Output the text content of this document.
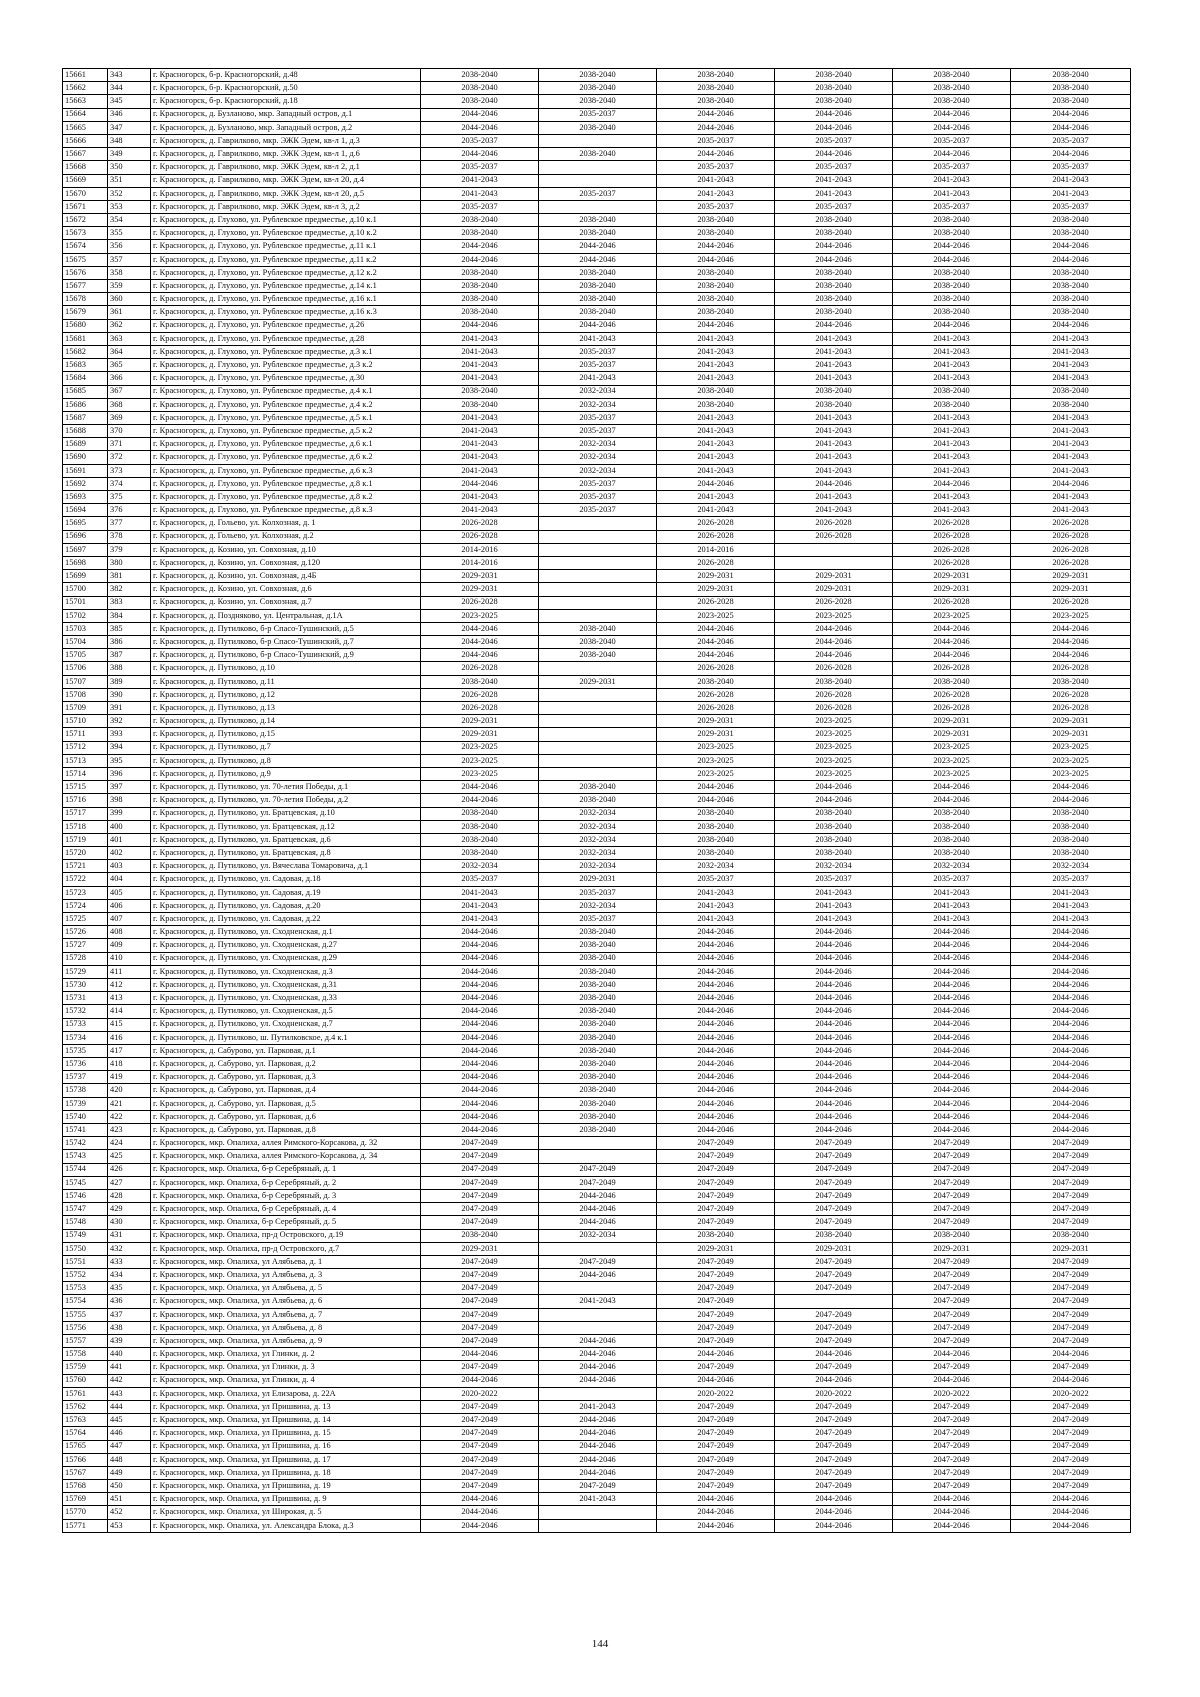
15661	343	г. Красногорск, б-р. Красногорский, д.48	2038-2040	2038-2040	2038-2040	2038-2040	2038-2040	2038-2040
15662	344	г. Красногорск, б-р. Красногорский, д.50	2038-2040	2038-2040	2038-2040	2038-2040	2038-2040	2038-2040
15663	345	г. Красногорск, б-р. Красногорский, д.18	2038-2040	2038-2040	2038-2040	2038-2040	2038-2040	2038-2040
15664	346	г. Красногорск, д. Бузланово, мкр. Западный остров, д.1	2044-2046	2035-2037	2044-2046	2044-2046	2044-2046	2044-2046
15665	347	г. Красногорск, д. Бузланово, мкр. Западный остров, д.2	2044-2046	2038-2040	2044-2046	2044-2046	2044-2046	2044-2046
15666	348	г. Красногорск, д. Гаврилково, мкр. ЭЖК Эдем, кв-л 1, д.3	2035-2037		2035-2037	2035-2037	2035-2037	2035-2037
15667	349	г. Красногорск, д. Гаврилково, мкр. ЭЖК Эдем, кв-л 1, д.6	2044-2046	2038-2040	2044-2046	2044-2046	2044-2046	2044-2046
15668	350	г. Красногорск, д. Гаврилково, мкр. ЭЖК Эдем, кв-л 2, д.1	2035-2037		2035-2037	2035-2037	2035-2037	2035-2037
15669	351	г. Красногорск, д. Гаврилково, мкр. ЭЖК Эдем, кв-л 20, д.4	2041-2043		2041-2043	2041-2043	2041-2043	2041-2043
15670	352	г. Красногорск, д. Гаврилково, мкр. ЭЖК Эдем, кв-л 20, д.5	2041-2043	2035-2037	2041-2043	2041-2043	2041-2043	2041-2043
15671	353	г. Красногорск, д. Гаврилково, мкр. ЭЖК Эдем, кв-л 3, д.2	2035-2037		2035-2037	2035-2037	2035-2037	2035-2037
15672	354	г. Красногорск, д. Глухово, ул. Рублевское предместье, д.10 к.1	2038-2040	2038-2040	2038-2040	2038-2040	2038-2040	2038-2040
15673	355	г. Красногорск, д. Глухово, ул. Рублевское предместье, д.10 к.2	2038-2040	2038-2040	2038-2040	2038-2040	2038-2040	2038-2040
15674	356	г. Красногорск, д. Глухово, ул. Рублевское предместье, д.11 к.1	2044-2046	2044-2046	2044-2046	2044-2046	2044-2046	2044-2046
15675	357	г. Красногорск, д. Глухово, ул. Рублевское предместье, д.11 к.2	2044-2046	2044-2046	2044-2046	2044-2046	2044-2046	2044-2046
15676	358	г. Красногорск, д. Глухово, ул. Рублевское предместье, д.12 к.2	2038-2040	2038-2040	2038-2040	2038-2040	2038-2040	2038-2040
15677	359	г. Красногорск, д. Глухово, ул. Рублевское предместье, д.14 к.1	2038-2040	2038-2040	2038-2040	2038-2040	2038-2040	2038-2040
15678	360	г. Красногорск, д. Глухово, ул. Рублевское предместье, д.16 к.1	2038-2040	2038-2040	2038-2040	2038-2040	2038-2040	2038-2040
15679	361	г. Красногорск, д. Глухово, ул. Рублевское предместье, д.16 к.3	2038-2040	2038-2040	2038-2040	2038-2040	2038-2040	2038-2040
15680	362	г. Красногорск, д. Глухово, ул. Рублевское предместье, д.26	2044-2046	2044-2046	2044-2046	2044-2046	2044-2046	2044-2046
15681	363	г. Красногорск, д. Глухово, ул. Рублевское предместье, д.28	2041-2043	2041-2043	2041-2043	2041-2043	2041-2043	2041-2043
15682	364	г. Красногорск, д. Глухово, ул. Рублевское предместье, д.3 к.1	2041-2043	2035-2037	2041-2043	2041-2043	2041-2043	2041-2043
15683	365	г. Красногорск, д. Глухово, ул. Рублевское предместье, д.3 к.2	2041-2043	2035-2037	2041-2043	2041-2043	2041-2043	2041-2043
15684	366	г. Красногорск, д. Глухово, ул. Рублевское предместье, д.30	2041-2043	2041-2043	2041-2043	2041-2043	2041-2043	2041-2043
15685	367	г. Красногорск, д. Глухово, ул. Рублевское предместье, д.4 к.1	2038-2040	2032-2034	2038-2040	2038-2040	2038-2040	2038-2040
15686	368	г. Красногорск, д. Глухово, ул. Рублевское предместье, д.4 к.2	2038-2040	2032-2034	2038-2040	2038-2040	2038-2040	2038-2040
15687	369	г. Красногорск, д. Глухово, ул. Рублевское предместье, д.5 к.1	2041-2043	2035-2037	2041-2043	2041-2043	2041-2043	2041-2043
15688	370	г. Красногорск, д. Глухово, ул. Рублевское предместье, д.5 к.2	2041-2043	2035-2037	2041-2043	2041-2043	2041-2043	2041-2043
15689	371	г. Красногорск, д. Глухово, ул. Рублевское предместье, д.6 к.1	2041-2043	2032-2034	2041-2043	2041-2043	2041-2043	2041-2043
15690	372	г. Красногорск, д. Глухово, ул. Рублевское предместье, д.6 к.2	2041-2043	2032-2034	2041-2043	2041-2043	2041-2043	2041-2043
15691	373	г. Красногорск, д. Глухово, ул. Рублевское предместье, д.6 к.3	2041-2043	2032-2034	2041-2043	2041-2043	2041-2043	2041-2043
15692	374	г. Красногорск, д. Глухово, ул. Рублевское предместье, д.8 к.1	2044-2046	2035-2037	2044-2046	2044-2046	2044-2046	2044-2046
15693	375	г. Красногорск, д. Глухово, ул. Рублевское предместье, д.8 к.2	2041-2043	2035-2037	2041-2043	2041-2043	2041-2043	2041-2043
15694	376	г. Красногорск, д. Глухово, ул. Рублевское предместье, д.8 к.3	2041-2043	2035-2037	2041-2043	2041-2043	2041-2043	2041-2043
15695	377	г. Красногорск, д. Гольево, ул. Колхозная, д. 1	2026-2028		2026-2028	2026-2028	2026-2028	2026-2028
15696	378	г. Красногорск, д. Гольево, ул. Колхозная, д.2	2026-2028		2026-2028	2026-2028	2026-2028	2026-2028
15697	379	г. Красногорск, д. Козино, ул. Совхозная, д.10	2014-2016		2014-2016		2026-2028	2026-2028
15698	380	г. Красногорск, д. Козино, ул. Совхозная, д.120	2014-2016		2026-2028		2026-2028	2026-2028
15699	381	г. Красногорск, д. Козино, ул. Совхозная, д.4Б	2029-2031		2029-2031	2029-2031	2029-2031	2029-2031
15700	382	г. Красногорск, д. Козино, ул. Совхозная, д.6	2029-2031		2029-2031	2029-2031	2029-2031	2029-2031
15701	383	г. Красногорск, д. Козино, ул. Совхозная, д.7	2026-2028		2026-2028	2026-2028	2026-2028	2026-2028
15702	384	г. Красногорск, д. Поздняково, ул. Центральная, д.1А	2023-2025		2023-2025	2023-2025	2023-2025	2023-2025
15703	385	г. Красногорск, д. Путилково, б-р Спасо-Тушинский, д.5	2044-2046	2038-2040	2044-2046	2044-2046	2044-2046	2044-2046
15704	386	г. Красногорск, д. Путилково, б-р Спасо-Тушинский, д.7	2044-2046	2038-2040	2044-2046	2044-2046	2044-2046	2044-2046
15705	387	г. Красногорск, д. Путилково, б-р Спасо-Тушинский, д.9	2044-2046	2038-2040	2044-2046	2044-2046	2044-2046	2044-2046
15706	388	г. Красногорск, д. Путилково, д.10	2026-2028		2026-2028	2026-2028	2026-2028	2026-2028
15707	389	г. Красногорск, д. Путилково, д.11	2038-2040	2029-2031	2038-2040	2038-2040	2038-2040	2038-2040
15708	390	г. Красногорск, д. Путилково, д.12	2026-2028		2026-2028	2026-2028	2026-2028	2026-2028
15709	391	г. Красногорск, д. Путилково, д.13	2026-2028		2026-2028	2026-2028	2026-2028	2026-2028
15710	392	г. Красногорск, д. Путилково, д.14	2029-2031		2029-2031	2023-2025	2029-2031	2029-2031
15711	393	г. Красногорск, д. Путилково, д.15	2029-2031		2029-2031	2023-2025	2029-2031	2029-2031
15712	394	г. Красногорск, д. Путилково, д.7	2023-2025		2023-2025	2023-2025	2023-2025	2023-2025
15713	395	г. Красногорск, д. Путилково, д.8	2023-2025		2023-2025	2023-2025	2023-2025	2023-2025
15714	396	г. Красногорск, д. Путилково, д.9	2023-2025		2023-2025	2023-2025	2023-2025	2023-2025
15715	397	г. Красногорск, д. Путилково, ул. 70-летия Победы, д.1	2044-2046	2038-2040	2044-2046	2044-2046	2044-2046	2044-2046
15716	398	г. Красногорск, д. Путилково, ул. 70-летия Победы, д.2	2044-2046	2038-2040	2044-2046	2044-2046	2044-2046	2044-2046
15717	399	г. Красногорск, д. Путилково, ул. Братцевская, д.10	2038-2040	2032-2034	2038-2040	2038-2040	2038-2040	2038-2040
15718	400	г. Красногорск, д. Путилково, ул. Братцевская, д.12	2038-2040	2032-2034	2038-2040	2038-2040	2038-2040	2038-2040
15719	401	г. Красногорск, д. Путилково, ул. Братцевская, д.6	2038-2040	2032-2034	2038-2040	2038-2040	2038-2040	2038-2040
15720	402	г. Красногорск, д. Путилково, ул. Братцевская, д.8	2038-2040	2032-2034	2038-2040	2038-2040	2038-2040	2038-2040
15721	403	г. Красногорск, д. Путилково, ул. Вячеслава Томаровича, д.1	2032-2034	2032-2034	2032-2034	2032-2034	2032-2034	2032-2034
15722	404	г. Красногорск, д. Путилково, ул. Садовая, д.18	2035-2037	2029-2031	2035-2037	2035-2037	2035-2037	2035-2037
15723	405	г. Красногорск, д. Путилково, ул. Садовая, д.19	2041-2043	2035-2037	2041-2043	2041-2043	2041-2043	2041-2043
15724	406	г. Красногорск, д. Путилково, ул. Садовая, д.20	2041-2043	2032-2034	2041-2043	2041-2043	2041-2043	2041-2043
15725	407	г. Красногорск, д. Путилково, ул. Садовая, д.22	2041-2043	2035-2037	2041-2043	2041-2043	2041-2043	2041-2043
15726	408	г. Красногорск, д. Путилково, ул. Сходненская, д.1	2044-2046	2038-2040	2044-2046	2044-2046	2044-2046	2044-2046
15727	409	г. Красногорск, д. Путилково, ул. Сходненская, д.27	2044-2046	2038-2040	2044-2046	2044-2046	2044-2046	2044-2046
15728	410	г. Красногорск, д. Путилково, ул. Сходненская, д.29	2044-2046	2038-2040	2044-2046	2044-2046	2044-2046	2044-2046
15729	411	г. Красногорск, д. Путилково, ул. Сходненская, д.3	2044-2046	2038-2040	2044-2046	2044-2046	2044-2046	2044-2046
15730	412	г. Красногорск, д. Путилково, ул. Сходненская, д.31	2044-2046	2038-2040	2044-2046	2044-2046	2044-2046	2044-2046
15731	413	г. Красногорск, д. Путилково, ул. Сходненская, д.33	2044-2046	2038-2040	2044-2046	2044-2046	2044-2046	2044-2046
15732	414	г. Красногорск, д. Путилково, ул. Сходненская, д.5	2044-2046	2038-2040	2044-2046	2044-2046	2044-2046	2044-2046
15733	415	г. Красногорск, д. Путилково, ул. Сходненская, д.7	2044-2046	2038-2040	2044-2046	2044-2046	2044-2046	2044-2046
15734	416	г. Красногорск, д. Путилково, ш. Путилковское, д.4 к.1	2044-2046	2038-2040	2044-2046	2044-2046	2044-2046	2044-2046
15735	417	г. Красногорск, д. Сабурово, ул. Парковая, д.1	2044-2046	2038-2040	2044-2046	2044-2046	2044-2046	2044-2046
15736	418	г. Красногорск, д. Сабурово, ул. Парковая, д.2	2044-2046	2038-2040	2044-2046	2044-2046	2044-2046	2044-2046
15737	419	г. Красногорск, д. Сабурово, ул. Парковая, д.3	2044-2046	2038-2040	2044-2046	2044-2046	2044-2046	2044-2046
15738	420	г. Красногорск, д. Сабурово, ул. Парковая, д.4	2044-2046	2038-2040	2044-2046	2044-2046	2044-2046	2044-2046
15739	421	г. Красногорск, д. Сабурово, ул. Парковая, д.5	2044-2046	2038-2040	2044-2046	2044-2046	2044-2046	2044-2046
15740	422	г. Красногорск, д. Сабурово, ул. Парковая, д.6	2044-2046	2038-2040	2044-2046	2044-2046	2044-2046	2044-2046
15741	423	г. Красногорск, д. Сабурово, ул. Парковая, д.8	2044-2046	2038-2040	2044-2046	2044-2046	2044-2046	2044-2046
15742	424	г. Красногорск, мкр. Опалиха, аллея Римского-Корсакова, д. 32	2047-2049		2047-2049	2047-2049	2047-2049	2047-2049
15743	425	г. Красногорск, мкр. Опалиха, аллея Римского-Корсакова, д. 34	2047-2049		2047-2049	2047-2049	2047-2049	2047-2049
15744	426	г. Красногорск, мкр. Опалиха, б-р Серебряный, д. 1	2047-2049	2047-2049	2047-2049	2047-2049	2047-2049	2047-2049
15745	427	г. Красногорск, мкр. Опалиха, б-р Серебряный, д. 2	2047-2049	2047-2049	2047-2049	2047-2049	2047-2049	2047-2049
15746	428	г. Красногорск, мкр. Опалиха, б-р Серебряный, д. 3	2047-2049	2044-2046	2047-2049	2047-2049	2047-2049	2047-2049
15747	429	г. Красногорск, мкр. Опалиха, б-р Серебряный, д. 4	2047-2049	2044-2046	2047-2049	2047-2049	2047-2049	2047-2049
15748	430	г. Красногорск, мкр. Опалиха, б-р Серебряный, д. 5	2047-2049	2044-2046	2047-2049	2047-2049	2047-2049	2047-2049
15749	431	г. Красногорск, мкр. Опалиха, пр-д Островского, д.19	2038-2040	2032-2034	2038-2040	2038-2040	2038-2040	2038-2040
15750	432	г. Красногорск, мкр. Опалиха, пр-д Островского, д.7	2029-2031		2029-2031	2029-2031	2029-2031	2029-2031
15751	433	г. Красногорск, мкр. Опалиха, ул Алябьева, д. 1	2047-2049	2047-2049	2047-2049	2047-2049	2047-2049	2047-2049
15752	434	г. Красногорск, мкр. Опалиха, ул Алябьева, д. 3	2047-2049	2044-2046	2047-2049	2047-2049	2047-2049	2047-2049
15753	435	г. Красногорск, мкр. Опалиха, ул Алябьева, д. 5	2047-2049		2047-2049	2047-2049	2047-2049	2047-2049
15754	436	г. Красногорск, мкр. Опалиха, ул Алябьева, д. 6	2047-2049	2041-2043	2047-2049		2047-2049	2047-2049
15755	437	г. Красногорск, мкр. Опалиха, ул Алябьева, д. 7	2047-2049		2047-2049	2047-2049	2047-2049	2047-2049
15756	438	г. Красногорск, мкр. Опалиха, ул Алябьева, д. 8	2047-2049		2047-2049	2047-2049	2047-2049	2047-2049
15757	439	г. Красногорск, мкр. Опалиха, ул Алябьева, д. 9	2047-2049	2044-2046	2047-2049	2047-2049	2047-2049	2047-2049
15758	440	г. Красногорск, мкр. Опалиха, ул Глинки, д. 2	2044-2046	2044-2046	2044-2046	2044-2046	2044-2046	2044-2046
15759	441	г. Красногорск, мкр. Опалиха, ул Глинки, д. 3	2047-2049	2044-2046	2047-2049	2047-2049	2047-2049	2047-2049
15760	442	г. Красногорск, мкр. Опалиха, ул Глинки, д. 4	2044-2046	2044-2046	2044-2046	2044-2046	2044-2046	2044-2046
15761	443	г. Красногорск, мкр. Опалиха, ул Елизарова, д. 22А	2020-2022		2020-2022	2020-2022	2020-2022	2020-2022
15762	444	г. Красногорск, мкр. Опалиха, ул Пришвина, д. 13	2047-2049	2041-2043	2047-2049	2047-2049	2047-2049	2047-2049
15763	445	г. Красногорск, мкр. Опалиха, ул Пришвина, д. 14	2047-2049	2044-2046	2047-2049	2047-2049	2047-2049	2047-2049
15764	446	г. Красногорск, мкр. Опалиха, ул Пришвина, д. 15	2047-2049	2044-2046	2047-2049	2047-2049	2047-2049	2047-2049
15765	447	г. Красногорск, мкр. Опалиха, ул Пришвина, д. 16	2047-2049	2044-2046	2047-2049	2047-2049	2047-2049	2047-2049
15766	448	г. Красногорск, мкр. Опалиха, ул Пришвина, д. 17	2047-2049	2044-2046	2047-2049	2047-2049	2047-2049	2047-2049
15767	449	г. Красногорск, мкр. Опалиха, ул Пришвина, д. 18	2047-2049	2044-2046	2047-2049	2047-2049	2047-2049	2047-2049
15768	450	г. Красногорск, мкр. Опалиха, ул Пришвина, д. 19	2047-2049	2047-2049	2047-2049	2047-2049	2047-2049	2047-2049
15769	451	г. Красногорск, мкр. Опалиха, ул Пришвина, д. 9	2044-2046	2041-2043	2044-2046	2044-2046	2044-2046	2044-2046
15770	452	г. Красногорск, мкр. Опалиха, ул Широкая, д. 5	2044-2046		2044-2046	2044-2046	2044-2046	2044-2046
15771	453	г. Красногорск, мкр. Опалиха, ул. Александра Блока, д.3	2044-2046		2044-2046	2044-2046	2044-2046	2044-2046
144
